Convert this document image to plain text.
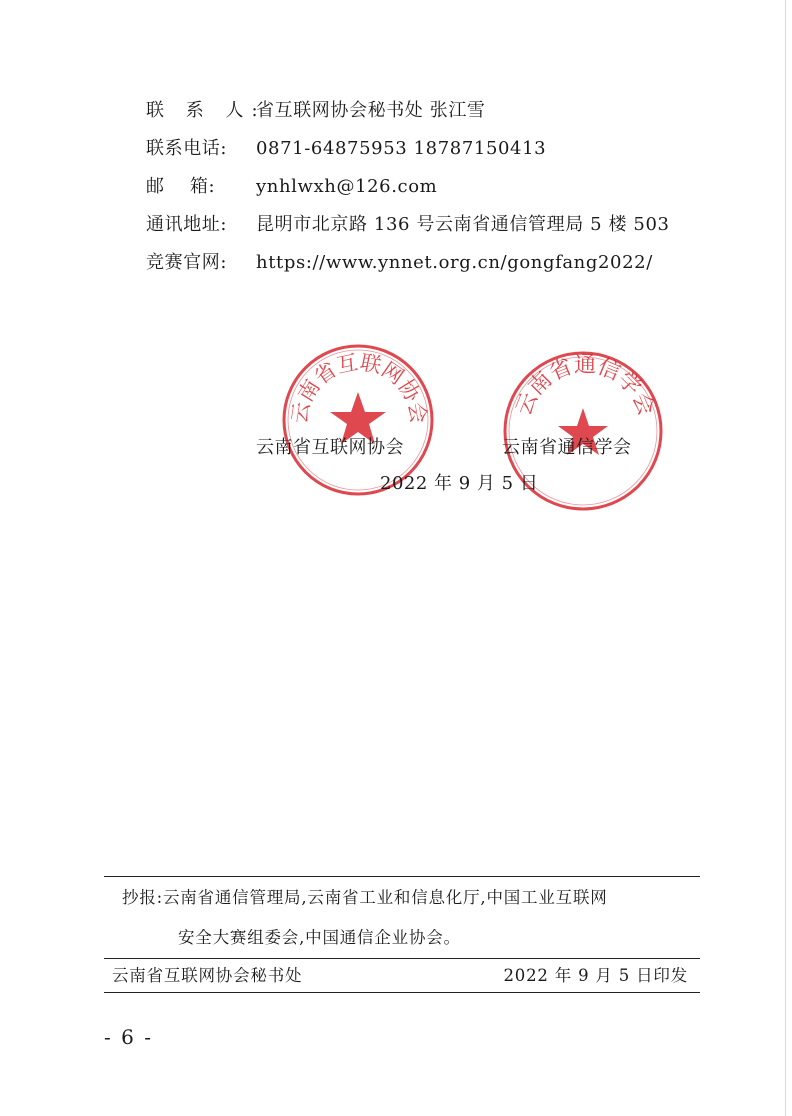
联 系 人:省互联网协会秘书处 张江雪
联系电话: 0871-64875953 18787150413
邮    箱: ynhlwxh@126.com
通讯地址: 昆明市北京路 136 号云南省通信管理局 5 楼 503
竞赛官网: https://www.ynnet.org.cn/gongfang2022/
云南省互联网协会	云南省通信学会
云南省互联网协会	云南省通信学会
2022 年 9 月 5 日
抄报:云南省通信管理局,云南省工业和信息化厅,中国工业互联网
安全大赛组委会,中国通信企业协会。
云南省互联网协会秘书处	2022 年 9 月 5 日印发
- 6 -
